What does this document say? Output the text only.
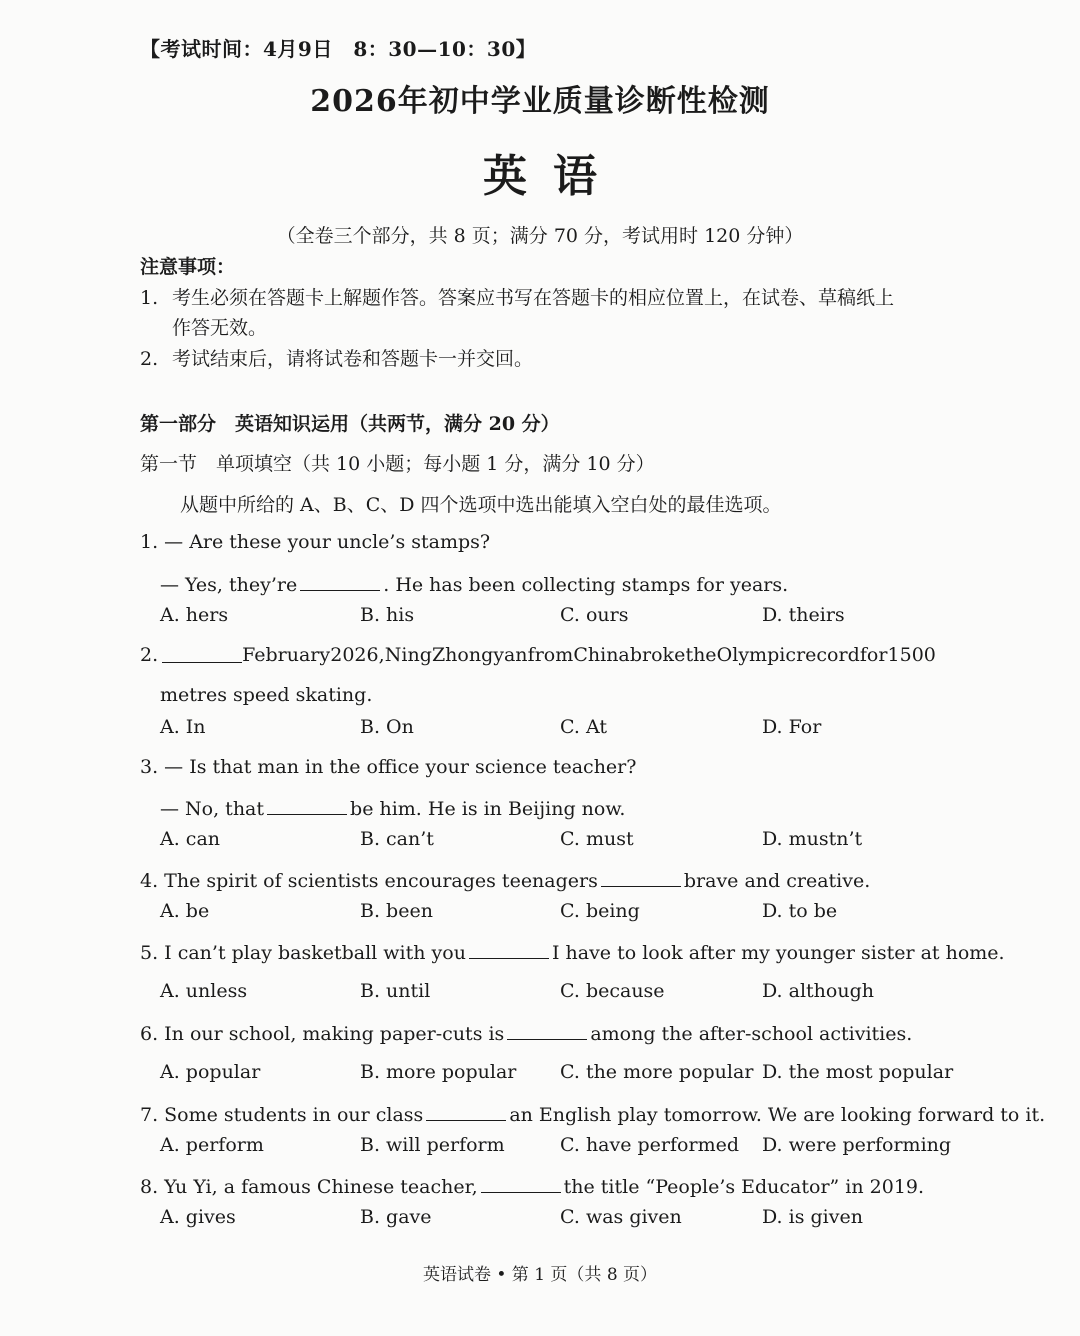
【考试时间：4月9日　8：30—10：30】
2026年初中学业质量诊断性检测
英语
（全卷三个部分，共 8 页；满分 70 分，考试用时 120 分钟）
注意事项：
1. 考生必须在答题卡上解题作答。答案应书写在答题卡的相应位置上，在试卷、草稿纸上
作答无效。
2. 考试结束后，请将试卷和答题卡一并交回。
第一部分　英语知识运用（共两节，满分 20 分）
第一节　单项填空（共 10 小题；每小题 1 分，满分 10 分）
从题中所给的 A、B、C、D 四个选项中选出能填入空白处的最佳选项。
1. — Are these your uncle’s stamps?
— Yes, they’re	. He has been collecting stamps for years.
A. hers	B. his	C. ours	D. theirs
2.	February 2026, Ning Zhongyan from China broke the Olympic record for 1500
metres speed skating.
A. In	B. On	C. At	D. For
3. — Is that man in the office your science teacher?
— No, that	be him. He is in Beijing now.
A. can	B. can’t	C. must	D. mustn’t
4. The spirit of scientists encourages teenagers	brave and creative.
A. be	B. been	C. being	D. to be
5. I can’t play basketball with you	I have to look after my younger sister at home.
A. unless	B. until	C. because	D. although
6. In our school, making paper-cuts is	among the after-school activities.
A. popular	B. more popular C. the more popular D. the most popular
7. Some students in our class	an English play tomorrow. We are looking forward to it.
A. perform	B. will perform	C. have performed D. were performing
8. Yu Yi, a famous Chinese teacher,	the title “People’s Educator” in 2019.
A. gives	B. gave	C. was given	D. is given
英语试卷 • 第 1 页（共 8 页）
